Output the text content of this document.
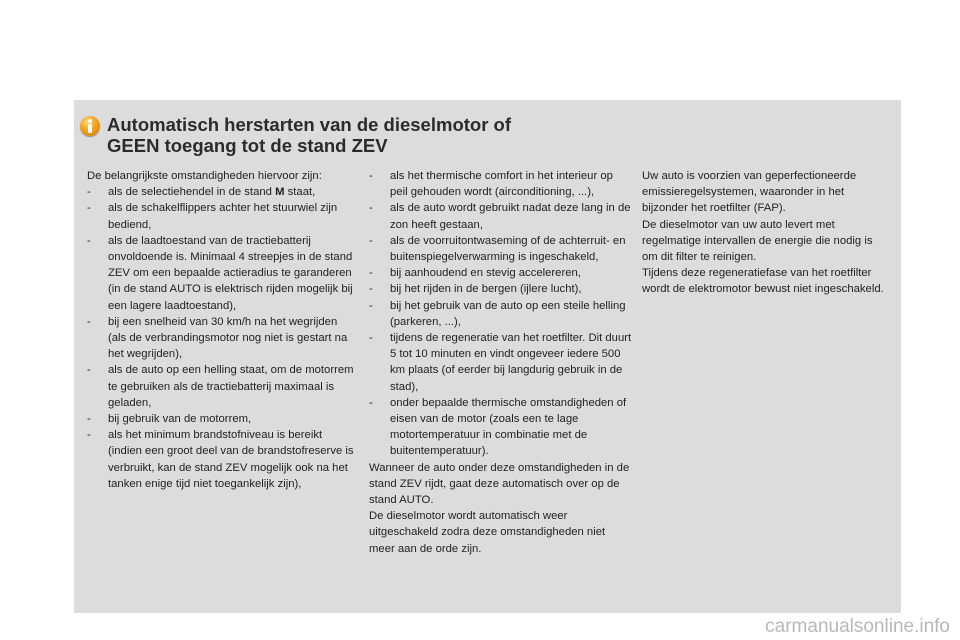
Automatisch herstarten van de dieselmotor of
GEEN toegang tot de stand ZEV
De belangrijkste omstandigheden hiervoor zijn:
- als de selectiehendel in de stand M staat,
- als de schakelflippers achter het stuurwiel zijn bediend,
- als de laadtoestand van de tractiebatterij onvoldoende is. Minimaal 4 streepjes in de stand ZEV om een bepaalde actieradius te garanderen (in de stand AUTO is elektrisch rijden mogelijk bij een lagere laadtoestand),
- bij een snelheid van 30 km/h na het wegrijden (als de verbrandingsmotor nog niet is gestart na het wegrijden),
- als de auto op een helling staat, om de motorrem te gebruiken als de tractiebatterij maximaal is geladen,
- bij gebruik van de motorrem,
- als het minimum brandstofniveau is bereikt (indien een groot deel van de brandstofreserve is verbruikt, kan de stand ZEV mogelijk ook na het tanken enige tijd niet toegankelijk zijn),
- als het thermische comfort in het interieur op peil gehouden wordt (airconditioning, ...),
- als de auto wordt gebruikt nadat deze lang in de zon heeft gestaan,
- als de voorruitontwaseming of de achterruit- en buitenspiegelverwarming is ingeschakeld,
- bij aanhoudend en stevig accelereren,
- bij het rijden in de bergen (ijlere lucht),
- bij het gebruik van de auto op een steile helling (parkeren, ...),
- tijdens de regeneratie van het roetfilter. Dit duurt 5 tot 10 minuten en vindt ongeveer iedere 500 km plaats (of eerder bij langdurig gebruik in de stad),
- onder bepaalde thermische omstandigheden of eisen van de motor (zoals een te lage motortemperatuur in combinatie met de buitentemperatuur).
Wanneer de auto onder deze omstandigheden in de stand ZEV rijdt, gaat deze automatisch over op de stand AUTO.
De dieselmotor wordt automatisch weer uitgeschakeld zodra deze omstandigheden niet meer aan de orde zijn.
Uw auto is voorzien van geperfectioneerde emissieregelsystemen, waaronder in het bijzonder het roetfilter (FAP).
De dieselmotor van uw auto levert met regelmatige intervallen de energie die nodig is om dit filter te reinigen.
Tijdens deze regeneratiefase van het roetfilter wordt de elektromotor bewust niet ingeschakeld.
carmanualsonline.info
